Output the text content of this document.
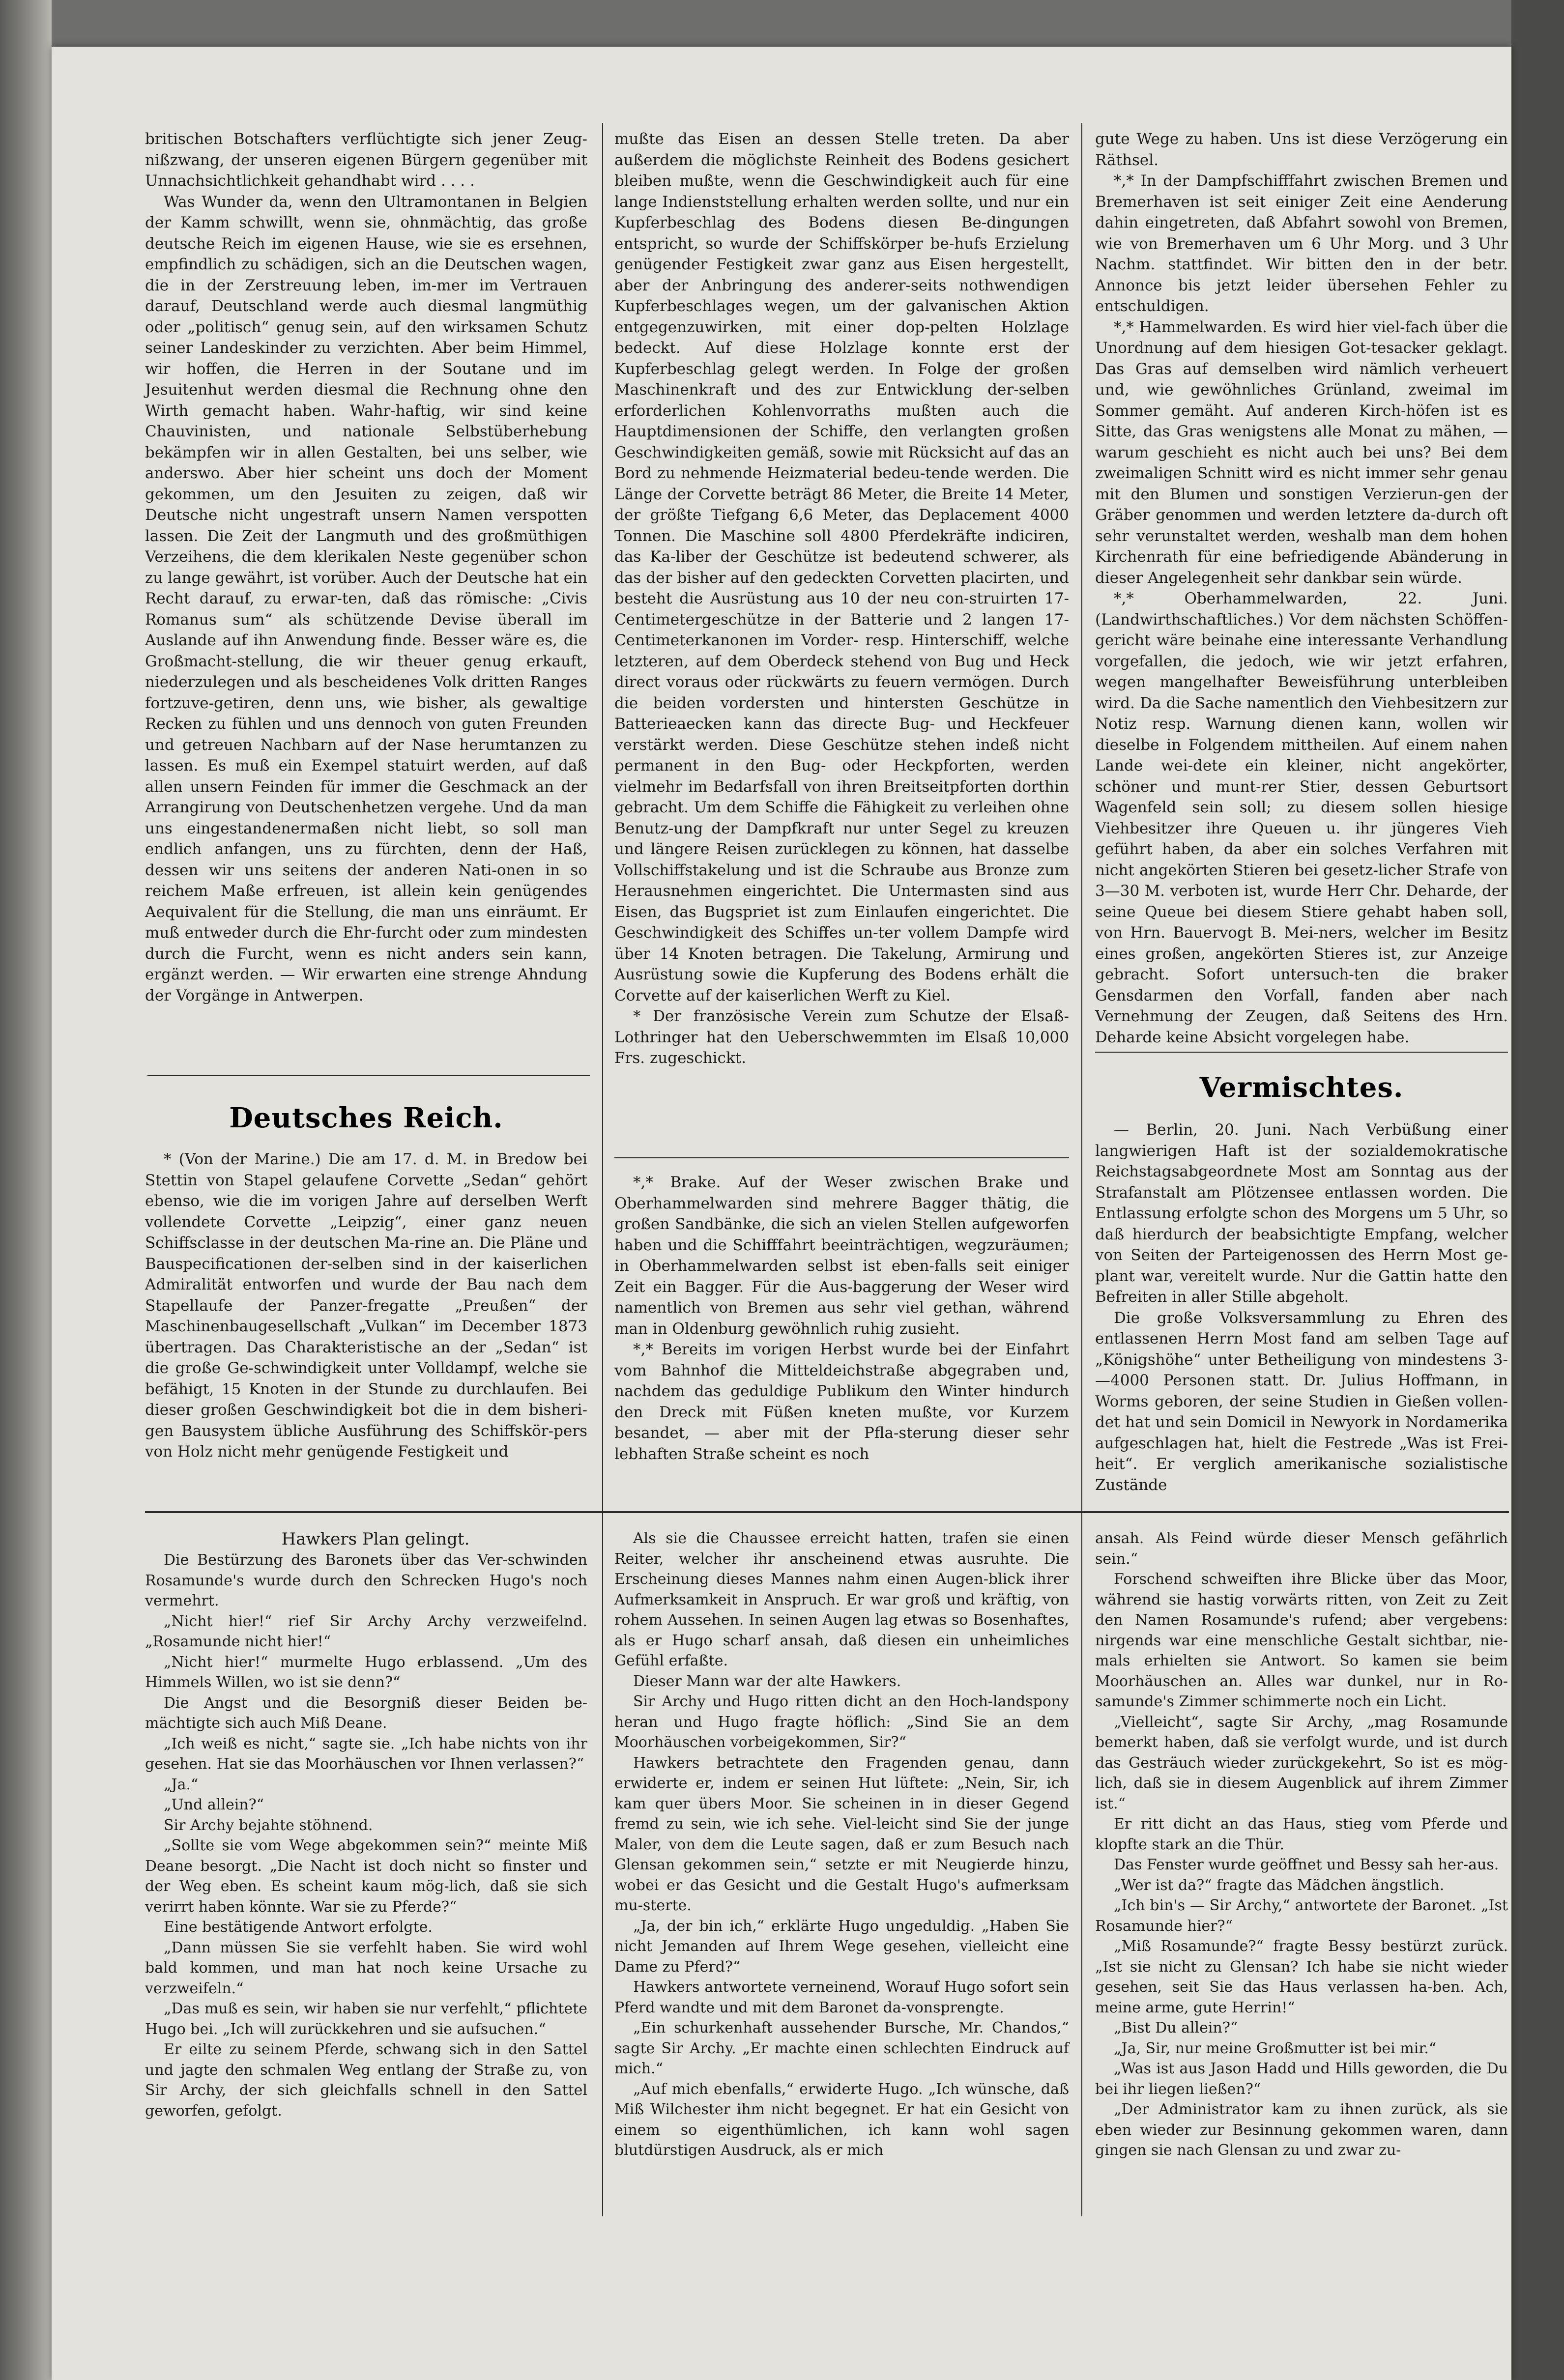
britischen Botschafters verflüchtigte sich jener Zeug-nißzwang, der unseren eigenen Bürgern gegenüber mit Unnachsichtlichkeit gehandhabt wird . . . .

Was Wunder da, wenn den Ultramontanen in Belgien der Kamm schwillt, wenn sie, ohnmächtig, das große deutsche Reich im eigenen Hause, wie sie es ersehnen, empfindlich zu schädigen, sich an die Deutschen wagen, die in der Zerstreuung leben, im-mer im Vertrauen darauf, Deutschland werde auch diesmal langmüthig oder „politisch“ genug sein, auf den wirksamen Schutz seiner Landeskinder zu verzichten. Aber beim Himmel, wir hoffen, die Herren in der Soutane und im Jesuitenhut werden diesmal die Rechnung ohne den Wirth gemacht haben. Wahr-haftig, wir sind keine Chauvinisten, und nationale Selbstüberhebung bekämpfen wir in allen Gestalten, bei uns selber, wie anderswo. Aber hier scheint uns doch der Moment gekommen, um den Jesuiten zu zeigen, daß wir Deutsche nicht ungestraft unsern Namen verspotten lassen. Die Zeit der Langmuth und des großmüthigen Verzeihens, die dem klerikalen Neste gegenüber schon zu lange gewährt, ist vorüber. Auch der Deutsche hat ein Recht darauf, zu erwar-ten, daß das römische: „Civis Romanus sum“ als schützende Devise überall im Auslande auf ihn Anwendung finde. Besser wäre es, die Großmacht-stellung, die wir theuer genug erkauft, niederzulegen und als bescheidenes Volk dritten Ranges fortzuve-getiren, denn uns, wie bisher, als gewaltige Recken zu fühlen und uns dennoch von guten Freunden und getreuen Nachbarn auf der Nase herumtanzen zu lassen. Es muß ein Exempel statuirt werden, auf daß allen unsern Feinden für immer die Geschmack an der Arrangirung von Deutschenhetzen vergehe. Und da man uns eingestandenermaßen nicht liebt, so soll man endlich anfangen, uns zu fürchten, denn der Haß, dessen wir uns seitens der anderen Nati-onen in so reichem Maße erfreuen, ist allein kein genügendes Aequivalent für die Stellung, die man uns einräumt. Er muß entweder durch die Ehr-furcht oder zum mindesten durch die Furcht, wenn es nicht anders sein kann, ergänzt werden. — Wir erwarten eine strenge Ahndung der Vorgänge in Antwerpen.

Deutsches Reich.

* (Von der Marine.) Die am 17. d. M. in Bredow bei Stettin von Stapel gelaufene Corvette „Sedan“ gehört ebenso, wie die im vorigen Jahre auf derselben Werft vollendete Corvette „Leipzig“, einer ganz neuen Schiffsclasse in der deutschen Ma-rine an. Die Pläne und Bauspecificationen der-selben sind in der kaiserlichen Admiralität entworfen und wurde der Bau nach dem Stapellaufe der Panzer-fregatte „Preußen“ der Maschinenbaugesellschaft „Vulkan“ im December 1873 übertragen. Das Charakteristische an der „Sedan“ ist die große Ge-schwindigkeit unter Volldampf, welche sie befähigt, 15 Knoten in der Stunde zu durchlaufen. Bei dieser großen Geschwindigkeit bot die in dem bisheri-gen Bausystem übliche Ausführung des Schiffskör-pers von Holz nicht mehr genügende Festigkeit und

mußte das Eisen an dessen Stelle treten. Da aber außerdem die möglichste Reinheit des Bodens gesichert bleiben mußte, wenn die Geschwindigkeit auch für eine lange Indienststellung erhalten werden sollte, und nur ein Kupferbeschlag des Bodens diesen Be-dingungen entspricht, so wurde der Schiffskörper be-hufs Erzielung genügender Festigkeit zwar ganz aus Eisen hergestellt, aber der Anbringung des anderer-seits nothwendigen Kupferbeschlages wegen, um der galvanischen Aktion entgegenzuwirken, mit einer dop-pelten Holzlage bedeckt. Auf diese Holzlage konnte erst der Kupferbeschlag gelegt werden. In Folge der großen Maschinenkraft und des zur Entwicklung der-selben erforderlichen Kohlenvorraths mußten auch die Hauptdimensionen der Schiffe, den verlangten großen Geschwindigkeiten gemäß, sowie mit Rücksicht auf das an Bord zu nehmende Heizmaterial bedeu-tende werden. Die Länge der Corvette beträgt 86 Meter, die Breite 14 Meter, der größte Tiefgang 6,6 Meter, das Deplacement 4000 Tonnen. Die Maschine soll 4800 Pferdekräfte indiciren, das Ka-liber der Geschütze ist bedeutend schwerer, als das der bisher auf den gedeckten Corvetten placirten, und besteht die Ausrüstung aus 10 der neu con-struirten 17-Centimetergeschütze in der Batterie und 2 langen 17-Centimeterkanonen im Vorder- resp. Hinterschiff, welche letzteren, auf dem Oberdeck stehend von Bug und Heck direct voraus oder rückwärts zu feuern vermögen. Durch die beiden vordersten und hintersten Geschütze in Batterieaecken kann das directe Bug- und Heckfeuer verstärkt werden. Diese Geschütze stehen indeß nicht permanent in den Bug- oder Heckpforten, werden vielmehr im Bedarfsfall von ihren Breitseitpforten dorthin gebracht. Um dem Schiffe die Fähigkeit zu verleihen ohne Benutz-ung der Dampfkraft nur unter Segel zu kreuzen und längere Reisen zurücklegen zu können, hat dasselbe Vollschiffstakelung und ist die Schraube aus Bronze zum Herausnehmen eingerichtet. Die Untermasten sind aus Eisen, das Bugspriet ist zum Einlaufen eingerichtet. Die Geschwindigkeit des Schiffes un-ter vollem Dampfe wird über 14 Knoten betragen. Die Takelung, Armirung und Ausrüstung sowie die Kupferung des Bodens erhält die Corvette auf der kaiserlichen Werft zu Kiel.

* Der französische Verein zum Schutze der Elsaß-Lothringer hat den Ueberschwemmten im Elsaß 10,000 Frs. zugeschickt.

*,* Brake. Auf der Weser zwischen Brake und Oberhammelwarden sind mehrere Bagger thätig, die großen Sandbänke, die sich an vielen Stellen aufgeworfen haben und die Schifffahrt beeinträchtigen, wegzuräumen; in Oberhammelwarden selbst ist eben-falls seit einiger Zeit ein Bagger. Für die Aus-baggerung der Weser wird namentlich von Bremen aus sehr viel gethan, während man in Oldenburg gewöhnlich ruhig zusieht.

*,* Bereits im vorigen Herbst wurde bei der Einfahrt vom Bahnhof die Mitteldeichstraße abgegraben und, nachdem das geduldige Publikum den Winter hindurch den Dreck mit Füßen kneten mußte, vor Kurzem besandet, — aber mit der Pfla-sterung dieser sehr lebhaften Straße scheint es noch

gute Wege zu haben. Uns ist diese Verzögerung ein Räthsel.

*,* In der Dampfschifffahrt zwischen Bremen und Bremerhaven ist seit einiger Zeit eine Aenderung dahin eingetreten, daß Abfahrt sowohl von Bremen, wie von Bremerhaven um 6 Uhr Morg. und 3 Uhr Nachm. stattfindet. Wir bitten den in der betr. Annonce bis jetzt leider übersehen Fehler zu entschuldigen.

*,* Hammelwarden. Es wird hier viel-fach über die Unordnung auf dem hiesigen Got-tesacker geklagt. Das Gras auf demselben wird nämlich verheuert und, wie gewöhnliches Grünland, zweimal im Sommer gemäht. Auf anderen Kirch-höfen ist es Sitte, das Gras wenigstens alle Monat zu mähen, — warum geschieht es nicht auch bei uns? Bei dem zweimaligen Schnitt wird es nicht immer sehr genau mit den Blumen und sonstigen Verzierun-gen der Gräber genommen und werden letztere da-durch oft sehr verunstaltet werden, weshalb man dem hohen Kirchenrath für eine befriedigende Abänderung in dieser Angelegenheit sehr dankbar sein würde.

*,* Oberhammelwarden, 22. Juni. (Landwirthschaftliches.) Vor dem nächsten Schöffen-gericht wäre beinahe eine interessante Verhandlung vorgefallen, die jedoch, wie wir jetzt erfahren, wegen mangelhafter Beweisführung unterbleiben wird. Da die Sache namentlich den Viehbesitzern zur Notiz resp. Warnung dienen kann, wollen wir dieselbe in Folgendem mittheilen. Auf einem nahen Lande wei-dete ein kleiner, nicht angekörter, schöner und munt-rer Stier, dessen Geburtsort Wagenfeld sein soll; zu diesem sollen hiesige Viehbesitzer ihre Queuen u. ihr jüngeres Vieh geführt haben, da aber ein solches Verfahren mit nicht angekörten Stieren bei gesetz-licher Strafe von 3—30 M. verboten ist, wurde Herr Chr. Deharde, der seine Queue bei diesem Stiere gehabt haben soll, von Hrn. Bauervogt B. Mei-ners, welcher im Besitz eines großen, angekörten Stieres ist, zur Anzeige gebracht. Sofort untersuch-ten die braker Gensdarmen den Vorfall, fanden aber nach Vernehmung der Zeugen, daß Seitens des Hrn. Deharde keine Absicht vorgelegen habe.

Vermischtes.

— Berlin, 20. Juni. Nach Verbüßung einer langwierigen Haft ist der sozialdemokratische Reichstagsabgeordnete Most am Sonntag aus der Strafanstalt am Plötzensee entlassen worden. Die Entlassung erfolgte schon des Morgens um 5 Uhr, so daß hierdurch der beabsichtigte Empfang, welcher von Seiten der Parteigenossen des Herrn Most ge-plant war, vereitelt wurde. Nur die Gattin hatte den Befreiten in aller Stille abgeholt.

Die große Volksversammlung zu Ehren des entlassenen Herrn Most fand am selben Tage auf „Königshöhe“ unter Betheiligung von mindestens 3-—4000 Personen statt. Dr. Julius Hoffmann, in Worms geboren, der seine Studien in Gießen vollen-det hat und sein Domicil in Newyork in Nordamerika aufgeschlagen hat, hielt die Festrede „Was ist Frei-heit“. Er verglich amerikanische sozialistische Zustände

Hawkers Plan gelingt.

Die Bestürzung des Baronets über das Ver-schwinden Rosamunde's wurde durch den Schrecken Hugo's noch vermehrt.

„Nicht hier!“ rief Sir Archy Archy verzweifelnd. „Rosamunde nicht hier!“

„Nicht hier!“ murmelte Hugo erblassend. „Um des Himmels Willen, wo ist sie denn?“

Die Angst und die Besorgniß dieser Beiden be-mächtigte sich auch Miß Deane.

„Ich weiß es nicht,“ sagte sie. „Ich habe nichts von ihr gesehen. Hat sie das Moorhäuschen vor Ihnen verlassen?“

„Ja.“

„Und allein?“

Sir Archy bejahte stöhnend.

„Sollte sie vom Wege abgekommen sein?“ meinte Miß Deane besorgt. „Die Nacht ist doch nicht so finster und der Weg eben. Es scheint kaum mög-lich, daß sie sich verirrt haben könnte. War sie zu Pferde?“

Eine bestätigende Antwort erfolgte.

„Dann müssen Sie sie verfehlt haben. Sie wird wohl bald kommen, und man hat noch keine Ursache zu verzweifeln.“

„Das muß es sein, wir haben sie nur verfehlt,“ pflichtete Hugo bei. „Ich will zurückkehren und sie aufsuchen.“

Er eilte zu seinem Pferde, schwang sich in den Sattel und jagte den schmalen Weg entlang der Straße zu, von Sir Archy, der sich gleichfalls schnell in den Sattel geworfen, gefolgt.

Als sie die Chaussee erreicht hatten, trafen sie einen Reiter, welcher ihr anscheinend etwas ausruhte. Die Erscheinung dieses Mannes nahm einen Augen-blick ihrer Aufmerksamkeit in Anspruch. Er war groß und kräftig, von rohem Aussehen. In seinen Augen lag etwas so Bosenhaftes, als er Hugo scharf ansah, daß diesen ein unheimliches Gefühl erfaßte.

Dieser Mann war der alte Hawkers.

Sir Archy und Hugo ritten dicht an den Hoch-landspony heran und Hugo fragte höflich: „Sind Sie an dem Moorhäuschen vorbeigekommen, Sir?“

Hawkers betrachtete den Fragenden genau, dann erwiderte er, indem er seinen Hut lüftete: „Nein, Sir, ich kam quer übers Moor. Sie scheinen in in dieser Gegend fremd zu sein, wie ich sehe. Viel-leicht sind Sie der junge Maler, von dem die Leute sagen, daß er zum Besuch nach Glensan gekommen sein,“ setzte er mit Neugierde hinzu, wobei er das Gesicht und die Gestalt Hugo's aufmerksam mu-sterte.

„Ja, der bin ich,“ erklärte Hugo ungeduldig. „Haben Sie nicht Jemanden auf Ihrem Wege gesehen, vielleicht eine Dame zu Pferd?“

Hawkers antwortete verneinend, Worauf Hugo sofort sein Pferd wandte und mit dem Baronet da-vonsprengte.

„Ein schurkenhaft aussehender Bursche, Mr. Chandos,“ sagte Sir Archy. „Er machte einen schlechten Eindruck auf mich.“

„Auf mich ebenfalls,“ erwiderte Hugo. „Ich wünsche, daß Miß Wilchester ihm nicht begegnet. Er hat ein Gesicht von einem so eigenthümlichen, ich kann wohl sagen blutdürstigen Ausdruck, als er mich

ansah. Als Feind würde dieser Mensch gefährlich sein.“

Forschend schweiften ihre Blicke über das Moor, während sie hastig vorwärts ritten, von Zeit zu Zeit den Namen Rosamunde's rufend; aber vergebens: nirgends war eine menschliche Gestalt sichtbar, nie-mals erhielten sie Antwort. So kamen sie beim Moorhäuschen an. Alles war dunkel, nur in Ro-samunde's Zimmer schimmerte noch ein Licht.

„Vielleicht“, sagte Sir Archy, „mag Rosamunde bemerkt haben, daß sie verfolgt wurde, und ist durch das Gesträuch wieder zurückgekehrt, So ist es mög-lich, daß sie in diesem Augenblick auf ihrem Zimmer ist.“

Er ritt dicht an das Haus, stieg vom Pferde und klopfte stark an die Thür.

Das Fenster wurde geöffnet und Bessy sah her-aus.

„Wer ist da?“ fragte das Mädchen ängstlich.

„Ich bin's — Sir Archy,“ antwortete der Baronet. „Ist Rosamunde hier?“

„Miß Rosamunde?“ fragte Bessy bestürzt zurück. „Ist sie nicht zu Glensan? Ich habe sie nicht wieder gesehen, seit Sie das Haus verlassen ha-ben. Ach, meine arme, gute Herrin!“

„Bist Du allein?“

„Ja, Sir, nur meine Großmutter ist bei mir.“

„Was ist aus Jason Hadd und Hills geworden, die Du bei ihr liegen ließen?“

„Der Administrator kam zu ihnen zurück, als sie eben wieder zur Besinnung gekommen waren, dann gingen sie nach Glensan zu und zwar zu-
